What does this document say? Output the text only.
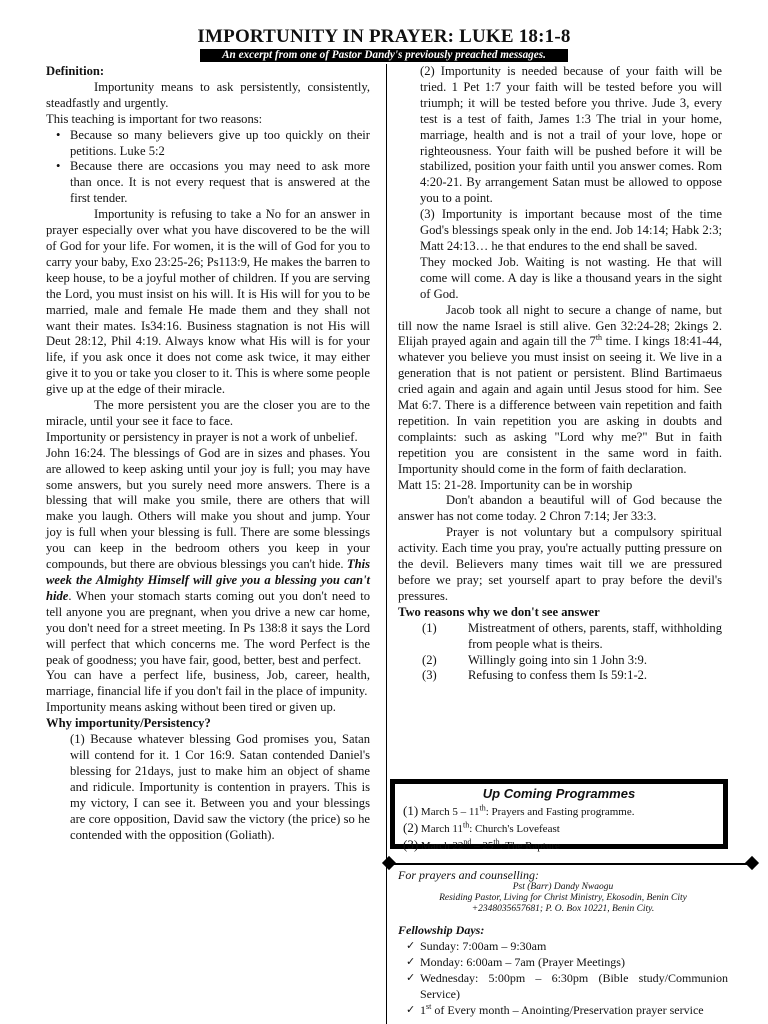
IMPORTUNITY IN PRAYER: LUKE 18:1-8
An excerpt from one of Pastor Dandy's previously preached messages.

Definition:

Importunity means to ask persistently, consistently, steadfastly and urgently.

This teaching is important for two reasons:

• Because so many believers give up too quickly on their petitions. Luke 5:2

• Because there are occasions you may need to ask more than once. It is not every request that is answered at the first tender.

Importunity is refusing to take a No for an answer in prayer especially over what you have discovered to be the will of God for your life. For women, it is the will of God for you to carry your baby, Exo 23:25-26; Ps113:9, He makes the barren to keep house, to be a joyful mother of children. If you are serving the Lord, you must insist on his will. It is His will for you to be married, male and female He made them and they shall not want their mates. Is34:16. Business stagnation is not His will Deut 28:12, Phil 4:19. Always know what His will is for your life, if you ask once it does not come ask twice, it may either give it to you or take you closer to it. This is where some people give up at the edge of their miracle.

The more persistent you are the closer you are to the miracle, until your see it face to face.

Importunity or persistency in prayer is not a work of unbelief.

John 16:24. The blessings of God are in sizes and phases. You are allowed to keep asking until your joy is full; you may have some answers, but you surely need more answers. There is a blessing that will make you smile, there are others that will make you laugh. Others will make you shout and jump. Your joy is full when your blessing is full. There are some blessings you can keep in the bedroom others you keep in your compounds, but there are obvious blessings you can't hide. This week the Almighty Himself will give you a blessing you can't hide. When your stomach starts coming out you don't need to tell anyone you are pregnant, when you drive a new car home, you don't need for a street meeting. In Ps 138:8 it says the Lord will perfect that which concerns me. The word Perfect is the peak of goodness; you have fair, good, better, best and perfect.

You can have a perfect life, business, Job, career, health, marriage, financial life if you don't fail in the place of impunity.

Importunity means asking without been tired or given up.

Why importunity/Persistency?

(1) Because whatever blessing God promises you, Satan will contend for it. 1 Cor 16:9. Satan contended Daniel's blessing for 21days, just to make him an object of shame and ridicule. Importunity is contention in prayers. This is my victory, I can see it. Between you and your blessings are core opposition, David saw the victory (the price) so he contended with the opposition (Goliath).

(2) Importunity is needed because of your faith will be tried. 1 Pet 1:7 your faith will be tested before you will triumph; it will be tested before you thrive. Jude 3, every test is a test of faith, James 1:3 The trial in your home, marriage, health and is not a trail of your love, hope or righteousness. Your faith will be pushed before it will be stabilized, position your faith until you answer comes. Rom 4:20-21. By arrangement Satan must be allowed to oppose you to a point.

(3) Importunity is important because most of the time God's blessings speak only in the end. Job 14:14; Habk 2:3; Matt 24:13… he that endures to the end shall be saved.

They mocked Job. Waiting is not wasting. He that will come will come. A day is like a thousand years in the sight of God.

Jacob took all night to secure a change of name, but till now the name Israel is still alive. Gen 32:24-28; 2kings 2. Elijah prayed again and again till the 7th time. I kings 18:41-44, whatever you believe you must insist on seeing it. We live in a generation that is not patient or persistent. Blind Bartimaeus cried again and again and again until Jesus stood for him. See Mat 6:7. There is a difference between vain repetition and faith repetition. In vain repetition you are asking in doubts and complaints: such as asking "Lord why me?" But in faith repetition you are consistent in the same word in faith. Importunity should come in the form of faith declaration.

Matt 15: 21-28. Importunity can be in worship

Don't abandon a beautiful will of God because the answer has not come today. 2 Chron 7:14; Jer 33:3.

Prayer is not voluntary but a compulsory spiritual activity. Each time you pray, you're actually putting pressure on the devil. Believers many times wait till we are pressured before we pray; set yourself apart to pray before the devil's pressures.

Two reasons why we don't see answer

(1)	Mistreatment of others, parents, staff, withholding from people what is theirs.
(2)	Willingly going into sin 1 John 3:9.
(3)	Refusing to confess them Is 59:1-2.
Up Coming Programmes
(1) March 5 – 11th: Prayers and Fasting programme.
(2) March 11th: Church's Lovefeast
(3) March 22nd – 25th: The Rapture
For prayers and counselling:
Pst (Barr) Dandy Nwaogu
Residing Pastor, Living for Christ Ministry, Ekosodin, Benin City
+2348035657681; P. O. Box 10221, Benin City.
Fellowship Days:
✓ Sunday: 7:00am – 9:30am
✓ Monday: 6:00am – 7am (Prayer Meetings)
✓ Wednesday: 5:00pm – 6:30pm (Bible study/Communion Service)
✓ 1st of Every month – Anointing/Preservation prayer service
